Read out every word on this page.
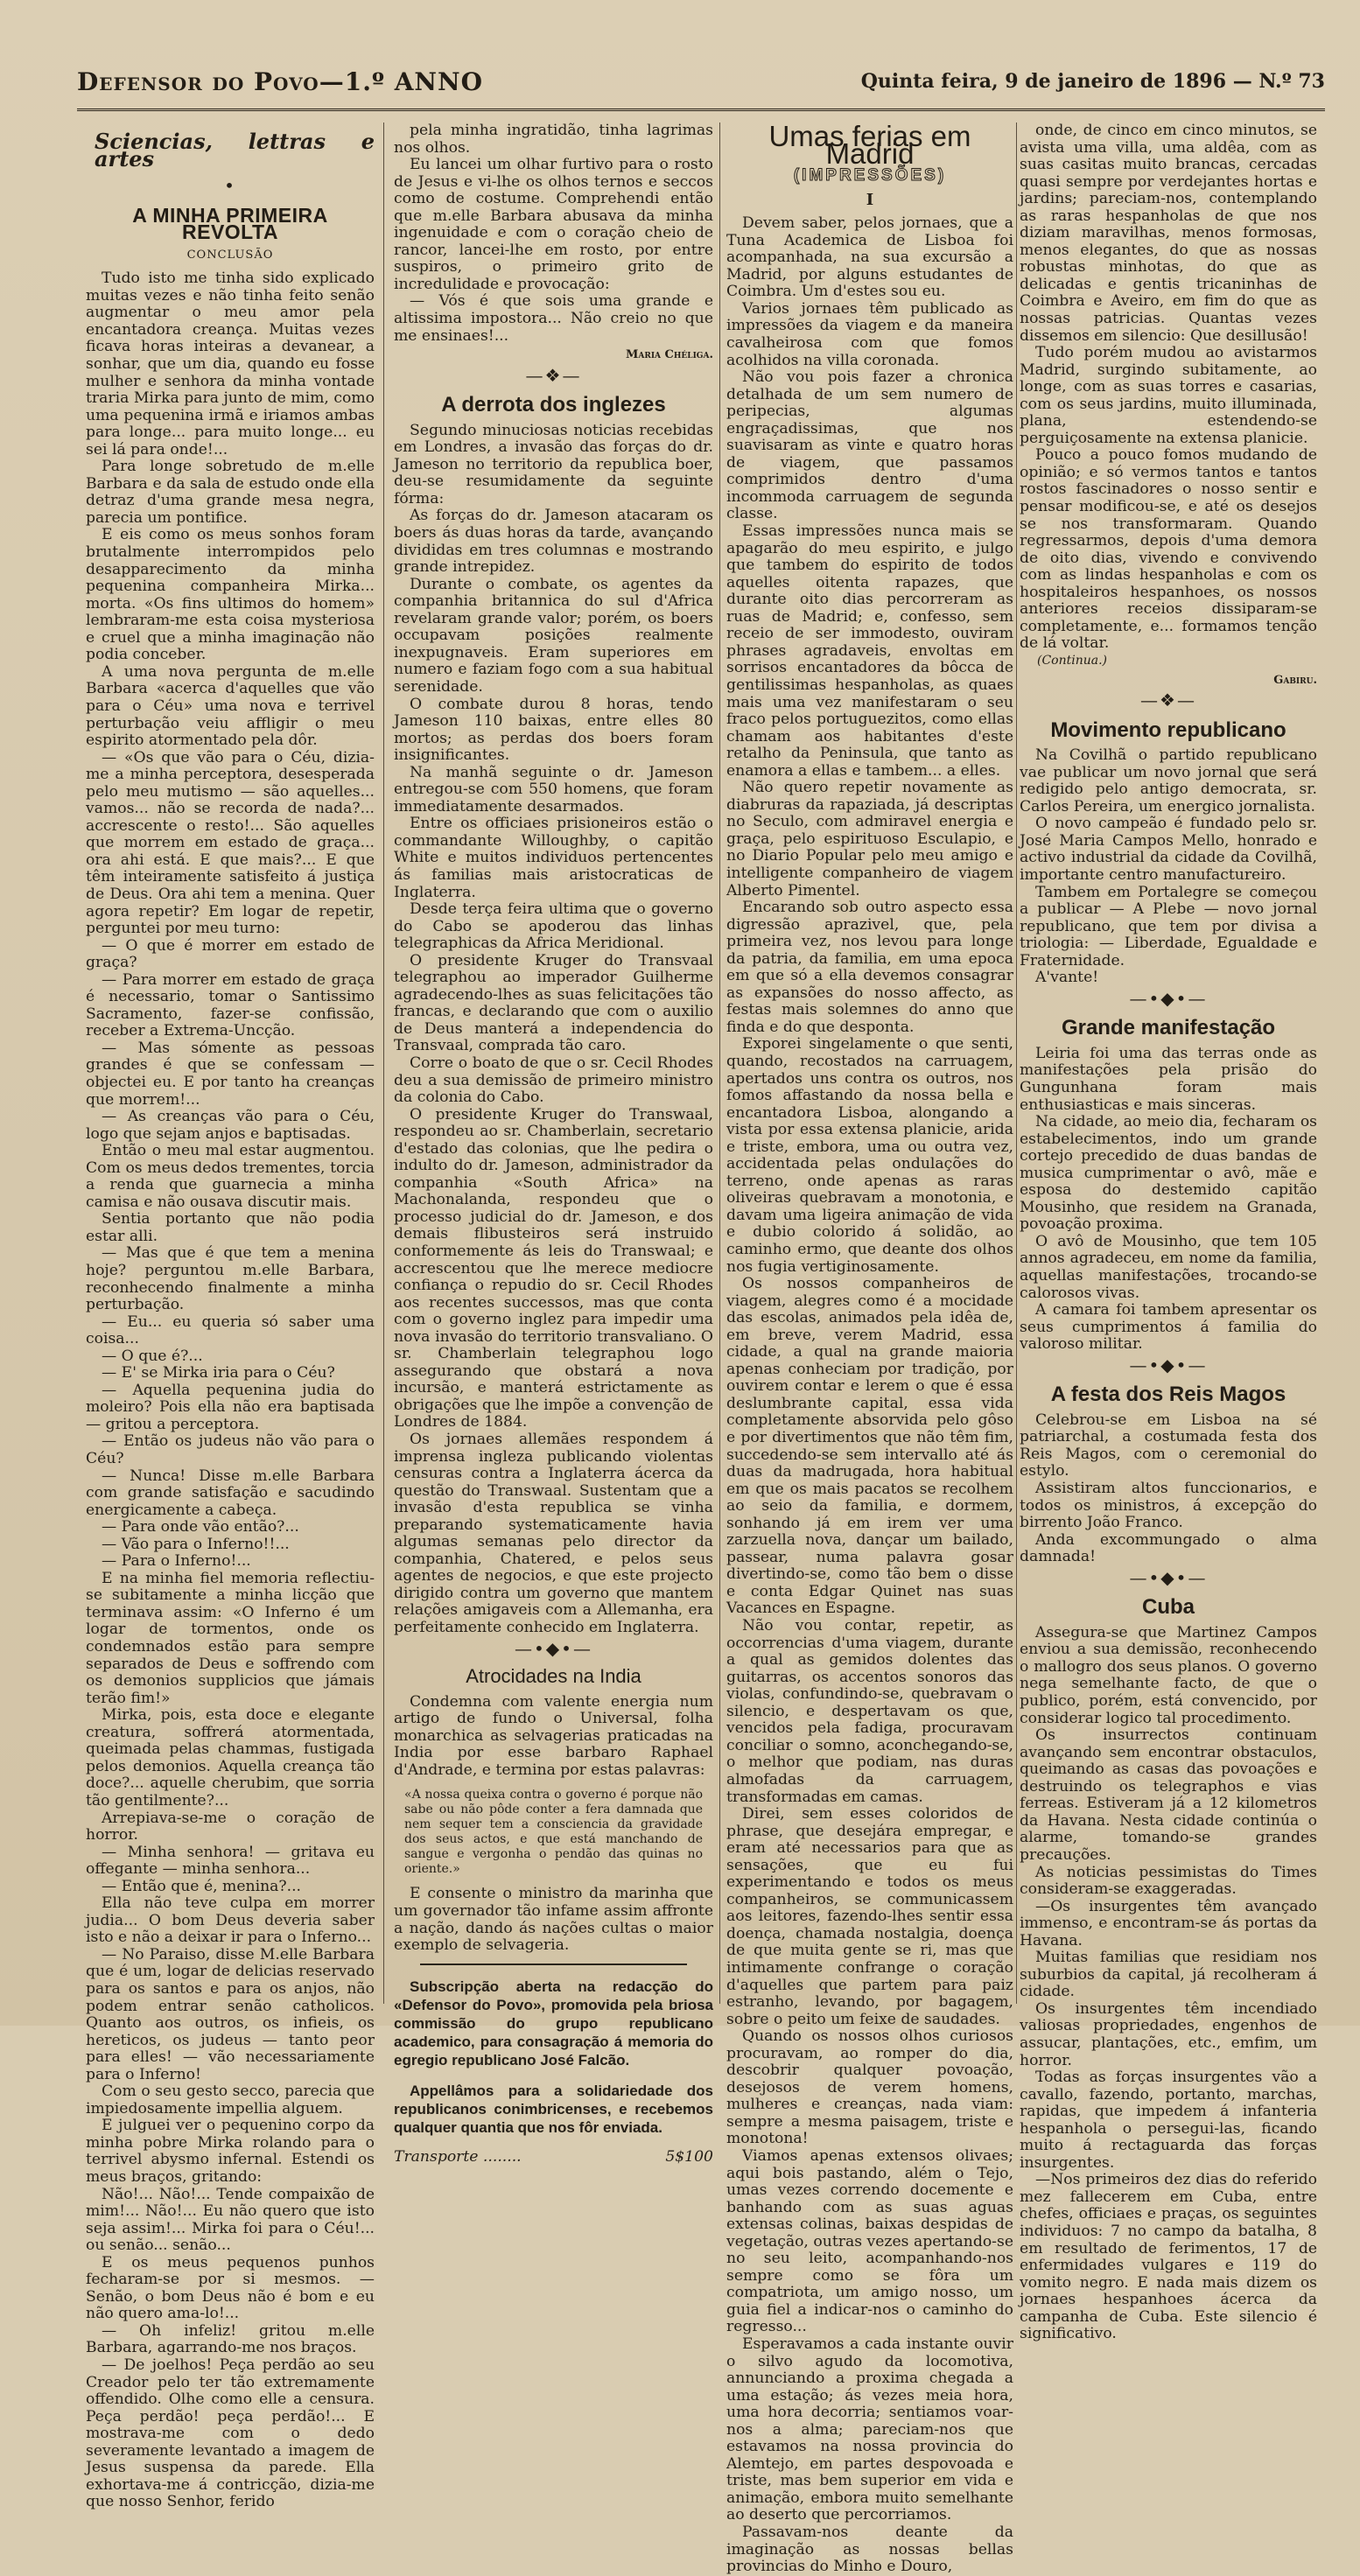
Defensor do Povo—1.º ANNO	Quinta feira, 9 de janeiro de 1896 — N.º 73

Sciencias, lettras e artes

•

A MINHA PRIMEIRA REVOLTA

CONCLUSÃO

Tudo isto me tinha sido explicado muitas vezes e não tinha feito senão augmentar o meu amor pela encantadora creança. Muitas vezes ficava horas inteiras a devanear, a sonhar, que um dia, quando eu fosse mulher e senhora da minha vontade traria Mirka para junto de mim, como uma pequenina irmã e iriamos ambas para longe... para muito longe... eu sei lá para onde!...

Para longe sobretudo de m.elle Barbara e da sala de estudo onde ella detraz d'uma grande mesa negra, parecia um pontifice.

E eis como os meus sonhos foram brutalmente interrompidos pelo desapparecimento da minha pequenina companheira Mirka... morta. «Os fins ultimos do homem» lembraram-me esta coisa mysteriosa e cruel que a minha imaginação não podia conceber.

A uma nova pergunta de m.elle Barbara «acerca d'aquelles que vão para o Céu» uma nova e terrivel perturbação veiu affligir o meu espirito atormentado pela dôr.

— «Os que vão para o Céu, dizia-me a minha perceptora, desesperada pelo meu mutismo — são aquelles... vamos... não se recorda de nada?... accrescente o resto!... São aquelles que morrem em estado de graça... ora ahi está. E que mais?... E que têm inteiramente satisfeito á justiça de Deus. Ora ahi tem a menina. Quer agora repetir? Em logar de repetir, perguntei por meu turno:

— O que é morrer em estado de graça?

— Para morrer em estado de graça é necessario, tomar o Santissimo Sacramento, fazer-se confissão, receber a Extrema-Uncção.

— Mas sómente as pessoas grandes é que se confessam — objectei eu. E por tanto ha creanças que morrem!...

— As creanças vão para o Céu, logo que sejam anjos e baptisadas.

Então o meu mal estar augmentou. Com os meus dedos trementes, torcia a renda que guarnecia a minha camisa e não ousava discutir mais.

Sentia portanto que não podia estar alli.

— Mas que é que tem a menina hoje? perguntou m.elle Barbara, reconhecendo finalmente a minha perturbação.

— Eu... eu queria só saber uma coisa...

— O que é?...

— E' se Mirka iria para o Céu?

— Aquella pequenina judia do moleiro? Pois ella não era baptisada — gritou a perceptora.

— Então os judeus não vão para o Céu?

— Nunca! Disse m.elle Barbara com grande satisfação e sacudindo energicamente a cabeça.

— Para onde vão então?...

— Vão para o Inferno!!...

— Para o Inferno!...

E na minha fiel memoria reflectiu-se subitamente a minha licção que terminava assim: «O Inferno é um logar de tormentos, onde os condemnados estão para sempre separados de Deus e soffrendo com os demonios supplicios que jámais terão fim!»

Mirka, pois, esta doce e elegante creatura, soffrerá atormentada, queimada pelas chammas, fustigada pelos demonios. Aquella creança tão doce?... aquelle cherubim, que sorria tão gentilmente?...

Arrepiava-se-me o coração de horror.

— Minha senhora! — gritava eu offegante — minha senhora...

— Então que é, menina?...

Ella não teve culpa em morrer judia... O bom Deus deveria saber isto e não a deixar ir para o Inferno...

— No Paraiso, disse M.elle Barbara que é um, logar de delicias reservado para os santos e para os anjos, não podem entrar senão catholicos. Quanto aos outros, os infieis, os hereticos, os judeus — tanto peor para elles! — vão necessariamente para o Inferno!

Com o seu gesto secco, parecia que impiedosamente impellia alguem.

E julguei ver o pequenino corpo da minha pobre Mirka rolando para o terrivel abysmo infernal. Estendi os meus braços, gritando:

Não!... Não!... Tende compaixão de mim!... Não!... Eu não quero que isto seja assim!... Mirka foi para o Céu!... ou senão... senão...

E os meus pequenos punhos fecharam-se por si mesmos. — Senão, o bom Deus não é bom e eu não quero ama-lo!...

— Oh infeliz! gritou m.elle Barbara, agarrando-me nos braços.

— De joelhos! Peça perdão ao seu Creador pelo ter tão extremamente offendido. Olhe como elle a censura. Peça perdão! peça perdão!... E mostrava-me com o dedo severamente levantado a imagem de Jesus suspensa da parede. Ella exhortava-me á contricção, dizia-me que nosso Senhor, ferido

pela minha ingratidão, tinha lagrimas nos olhos.

Eu lancei um olhar furtivo para o rosto de Jesus e vi-lhe os olhos ternos e seccos como de costume. Comprehendi então que m.elle Barbara abusava da minha ingenuidade e com o coração cheio de rancor, lancei-lhe em rosto, por entre suspiros, o primeiro grito de incredulidade e provocação:

— Vós é que sois uma grande e altissima impostora... Não creio no que me ensinaes!...

Maria Chéliga.

—❖—

A derrota dos inglezes

Segundo minuciosas noticias recebidas em Londres, a invasão das forças do dr. Jameson no territorio da republica boer, deu-se resumidamente da seguinte fórma:

As forças do dr. Jameson atacaram os boers ás duas horas da tarde, avançando divididas em tres columnas e mostrando grande intrepidez.

Durante o combate, os agentes da companhia britannica do sul d'Africa revelaram grande valor; porém, os boers occupavam posições realmente inexpugnaveis. Eram superiores em numero e faziam fogo com a sua habitual serenidade.

O combate durou 8 horas, tendo Jameson 110 baixas, entre elles 80 mortos; as perdas dos boers foram insignificantes.

Na manhã seguinte o dr. Jameson entregou-se com 550 homens, que foram immediatamente desarmados.

Entre os officiaes prisioneiros estão o commandante Willoughby, o capitão White e muitos individuos pertencentes ás familias mais aristocraticas de Inglaterra.

Desde terça feira ultima que o governo do Cabo se apoderou das linhas telegraphicas da Africa Meridional.

O presidente Kruger do Transvaal telegraphou ao imperador Guilherme agradecendo-lhes as suas felicitações tão francas, e declarando que com o auxilio de Deus manterá a independencia do Transvaal, comprada tão caro.

Corre o boato de que o sr. Cecil Rhodes deu a sua demissão de primeiro ministro da colonia do Cabo.

O presidente Kruger do Transwaal, respondeu ao sr. Chamberlain, secretario d'estado das colonias, que lhe pedira o indulto do dr. Jameson, administrador da companhia «South Africa» na Machonalanda, respondeu que o processo judicial do dr. Jameson, e dos demais flibusteiros será instruido conformemente ás leis do Transwaal; e accrescentou que lhe merece mediocre confiança o repudio do sr. Cecil Rhodes aos recentes successos, mas que conta com o governo inglez para impedir uma nova invasão do territorio transvaliano. O sr. Chamberlain telegraphou logo assegurando que obstará a nova incursão, e manterá estrictamente as obrigações que lhe impõe a convenção de Londres de 1884.

Os jornaes allemães respondem á imprensa ingleza publicando violentas censuras contra a Inglaterra ácerca da questão do Transwaal. Sustentam que a invasão d'esta republica se vinha preparando systematicamente havia algumas semanas pelo director da companhia, Chatered, e pelos seus agentes de negocios, e que este projecto dirigido contra um governo que mantem relações amigaveis com a Allemanha, era perfeitamente conhecido em Inglaterra.

—•◆•—

Atrocidades na India

Condemna com valente energia num artigo de fundo o Universal, folha monarchica as selvagerias praticadas na India por esse barbaro Raphael d'Andrade, e termina por estas palavras:

«A nossa queixa contra o governo é porque não sabe ou não pôde conter a fera damnada que nem sequer tem a consciencia da gravidade dos seus actos, e que está manchando de sangue e vergonha o pendão das quinas no oriente.»

E consente o ministro da marinha que um governador tão infame assim affronte a nação, dando ás nações cultas o maior exemplo de selvageria.

Subscripção aberta na redacção do «Defensor do Povo», promovida pela briosa commissão do grupo republicano academico, para consagração á memoria do egregio republicano José Falcão.

Appellâmos para a solidariedade dos republicanos conimbricenses, e recebemos qualquer quantia que nos fôr enviada.

Transporte ........	5$100

Umas ferias em Madrid

(IMPRESSÕES)

I

Devem saber, pelos jornaes, que a Tuna Academica de Lisboa foi acompanhada, na sua excursão a Madrid, por alguns estudantes de Coimbra. Um d'estes sou eu.

Varios jornaes têm publicado as impressões da viagem e da maneira cavalheirosa com que fomos acolhidos na villa coronada.

Não vou pois fazer a chronica detalhada de um sem numero de peripecias, algumas engraçadissimas, que nos suavisaram as vinte e quatro horas de viagem, que passamos comprimidos dentro d'uma incommoda carruagem de segunda classe.

Essas impressões nunca mais se apagarão do meu espirito, e julgo que tambem do espirito de todos aquelles oitenta rapazes, que durante oito dias percorreram as ruas de Madrid; e, confesso, sem receio de ser immodesto, ouviram phrases agradaveis, envoltas em sorrisos encantadores da bôcca de gentilissimas hespanholas, as quaes mais uma vez manifestaram o seu fraco pelos portuguezitos, como ellas chamam aos habitantes d'este retalho da Peninsula, que tanto as enamora a ellas e tambem... a elles.

Não quero repetir novamente as diabruras da rapaziada, já descriptas no Seculo, com admiravel energia e graça, pelo espirituoso Esculapio, e no Diario Popular pelo meu amigo e intelligente companheiro de viagem Alberto Pimentel.

Encarando sob outro aspecto essa digressão aprazivel, que, pela primeira vez, nos levou para longe da patria, da familia, em uma epoca em que só a ella devemos consagrar as expansões do nosso affecto, as festas mais solemnes do anno que finda e do que desponta.

Exporei singelamente o que senti, quando, recostados na carruagem, apertados uns contra os outros, nos fomos affastando da nossa bella e encantadora Lisboa, alongando a vista por essa extensa planicie, arida e triste, embora, uma ou outra vez, accidentada pelas ondulações do terreno, onde apenas as raras oliveiras quebravam a monotonia, e davam uma ligeira animação de vida e dubio colorido á solidão, ao caminho ermo, que deante dos olhos nos fugia vertiginosamente.

Os nossos companheiros de viagem, alegres como é a mocidade das escolas, animados pela idêa de, em breve, verem Madrid, essa cidade, a qual na grande maioria apenas conheciam por tradição, por ouvirem contar e lerem o que é essa deslumbrante capital, essa vida completamente absorvida pelo gôso e por divertimentos que não têm fim, succedendo-se sem intervallo até ás duas da madrugada, hora habitual em que os mais pacatos se recolhem ao seio da familia, e dormem, sonhando já em irem ver uma zarzuella nova, dançar um bailado, passear, numa palavra gosar divertindo-se, como tão bem o disse e conta Edgar Quinet nas suas Vacances en Espagne.

Não vou contar, repetir, as occorrencias d'uma viagem, durante a qual as gemidos dolentes das guitarras, os accentos sonoros das violas, confundindo-se, quebravam o silencio, e despertavam os que, vencidos pela fadiga, procuravam conciliar o somno, aconchegando-se, o melhor que podiam, nas duras almofadas da carruagem, transformadas em camas.

Direi, sem esses coloridos de phrase, que desejára empregar, e eram até necessarios para que as sensações, que eu fui experimentando e todos os meus companheiros, se communicassem aos leitores, fazendo-lhes sentir essa doença, chamada nostalgia, doença de que muita gente se ri, mas que intimamente confrange o coração d'aquelles que partem para paiz estranho, levando, por bagagem, sobre o peito um feixe de saudades.

Quando os nossos olhos curiosos procuravam, ao romper do dia, descobrir qualquer povoação, desejosos de verem homens, mulheres e creanças, nada viam: sempre a mesma paisagem, triste e monotona!

Viamos apenas extensos olivaes; aqui bois pastando, além o Tejo, umas vezes correndo docemente e banhando com as suas aguas extensas colinas, baixas despidas de vegetação, outras vezes apertando-se no seu leito, acompanhando-nos sempre como se fôra um compatriota, um amigo nosso, um guia fiel a indicar-nos o caminho do regresso...

Esperavamos a cada instante ouvir o silvo agudo da locomotiva, annunciando a proxima chegada a uma estação; ás vezes meia hora, uma hora decorria; sentiamos voar-nos a alma; pareciam-nos que estavamos na nossa provincia do Alemtejo, em partes despovoada e triste, mas bem superior em vida e animação, embora muito semelhante ao deserto que percorriamos.

Passavam-nos deante da imaginação as nossas bellas provincias do Minho e Douro,

onde, de cinco em cinco minutos, se avista uma villa, uma aldêa, com as suas casitas muito brancas, cercadas quasi sempre por verdejantes hortas e jardins; pareciam-nos, contemplando as raras hespanholas de que nos diziam maravilhas, menos formosas, menos elegantes, do que as nossas robustas minhotas, do que as delicadas e gentis tricaninhas de Coimbra e Aveiro, em fim do que as nossas patricias. Quantas vezes dissemos em silencio: Que desillusão!

Tudo porém mudou ao avistarmos Madrid, surgindo subitamente, ao longe, com as suas torres e casarias, com os seus jardins, muito illuminada, plana, estendendo-se perguiçosamente na extensa planicie.

Pouco a pouco fomos mudando de opinião; e só vermos tantos e tantos rostos fascinadores o nosso sentir e pensar modificou-se, e até os desejos se nos transformaram. Quando regressarmos, depois d'uma demora de oito dias, vivendo e convivendo com as lindas hespanholas e com os hospitaleiros hespanhoes, os nossos anteriores receios dissiparam-se completamente, e... formamos tenção de lá voltar.

(Continua.)

Gabiru.

—❖—

Movimento republicano

Na Covilhã o partido republicano vae publicar um novo jornal que será redigido pelo antigo democrata, sr. Carlos Pereira, um energico jornalista.

O novo campeão é fundado pelo sr. José Maria Campos Mello, honrado e activo industrial da cidade da Covilhã, importante centro manufactureiro.

Tambem em Portalegre se começou a publicar — A Plebe — novo jornal republicano, que tem por divisa a triologia: — Liberdade, Egualdade e Fraternidade.

A'vante!

—•◆•—

Grande manifestação

Leiria foi uma das terras onde as manifestações pela prisão do Gungunhana foram mais enthusiasticas e mais sinceras.

Na cidade, ao meio dia, fecharam os estabelecimentos, indo um grande cortejo precedido de duas bandas de musica cumprimentar o avô, mãe e esposa do destemido capitão Mousinho, que residem na Granada, povoação proxima.

O avô de Mousinho, que tem 105 annos agradeceu, em nome da familia, aquellas manifestações, trocando-se calorosos vivas.

A camara foi tambem apresentar os seus cumprimentos á familia do valoroso militar.

—•◆•—

A festa dos Reis Magos

Celebrou-se em Lisboa na sé patriarchal, a costumada festa dos Reis Magos, com o ceremonial do estylo.

Assistiram altos funccionarios, e todos os ministros, á excepção do birrento João Franco.

Anda excommungado o alma damnada!

—•◆•—

Cuba

Assegura-se que Martinez Campos enviou a sua demissão, reconhecendo o mallogro dos seus planos. O governo nega semelhante facto, de que o publico, porém, está convencido, por considerar logico tal procedimento.

Os insurrectos continuam avançando sem encontrar obstaculos, queimando as casas das povoações e destruindo os telegraphos e vias ferreas. Estiveram já a 12 kilometros da Havana. Nesta cidade continúa o alarme, tomando-se grandes precauções.

As noticias pessimistas do Times consideram-se exaggeradas.

—Os insurgentes têm avançado immenso, e encontram-se ás portas da Havana.

Muitas familias que residiam nos suburbios da capital, já recolheram á cidade.

Os insurgentes têm incendiado valiosas propriedades, engenhos de assucar, plantações, etc., emfim, um horror.

Todas as forças insurgentes vão a cavallo, fazendo, portanto, marchas, rapidas, que impedem á infanteria hespanhola o persegui-las, ficando muito á rectaguarda das forças insurgentes.

—Nos primeiros dez dias do referido mez fallecerem em Cuba, entre chefes, officiaes e praças, os seguintes individuos: 7 no campo da batalha, 8 em resultado de ferimentos, 17 de enfermidades vulgares e 119 do vomito negro. E nada mais dizem os jornaes hespanhoes ácerca da campanha de Cuba. Este silencio é significativo.
